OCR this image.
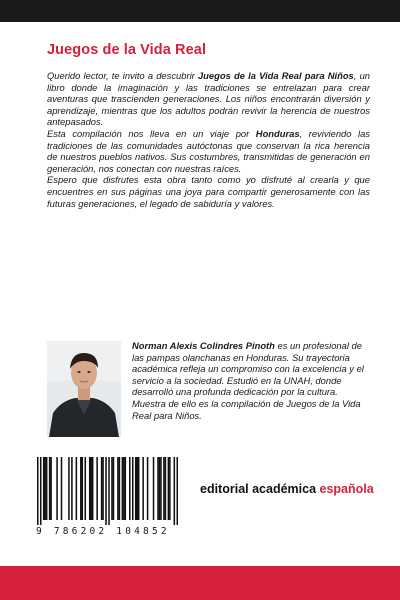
Juegos de la Vida Real

Querido lector, te invito a descubrir Juegos de la Vida Real para Niños, un libro donde la imaginación y las tradiciones se entrelazan para crear aventuras que trascienden generaciones. Los niños encontrarán diversión y aprendizaje, mientras que los adultos podrán revivir la herencia de nuestros antepasados.

Esta compilación nos lleva en un viaje por Honduras, reviviendo las tradiciones de las comunidades autóctonas que conservan la rica herencia de nuestros pueblos nativos. Sus costumbres, transmitidas de generación en generación, nos conectan con nuestras raíces.

Espero que disfrutes esta obra tanto como yo disfruté al crearla y que encuentres en sus páginas una joya para compartir generosamente con las futuras generaciones, el legado de sabiduría y valores.

Norman Alexis Colindres Pinoth es un profesional de las pampas olanchanas en Honduras. Su trayectoria académica refleja un compromiso con la excelencia y el servicio a la sociedad. Estudió en la UNAH, donde desarrolló una profunda dedicación por la cultura. Muestra de ello es la compilación de Juegos de la Vida Real para Niños.

9 786202 104852
editorial académica española
